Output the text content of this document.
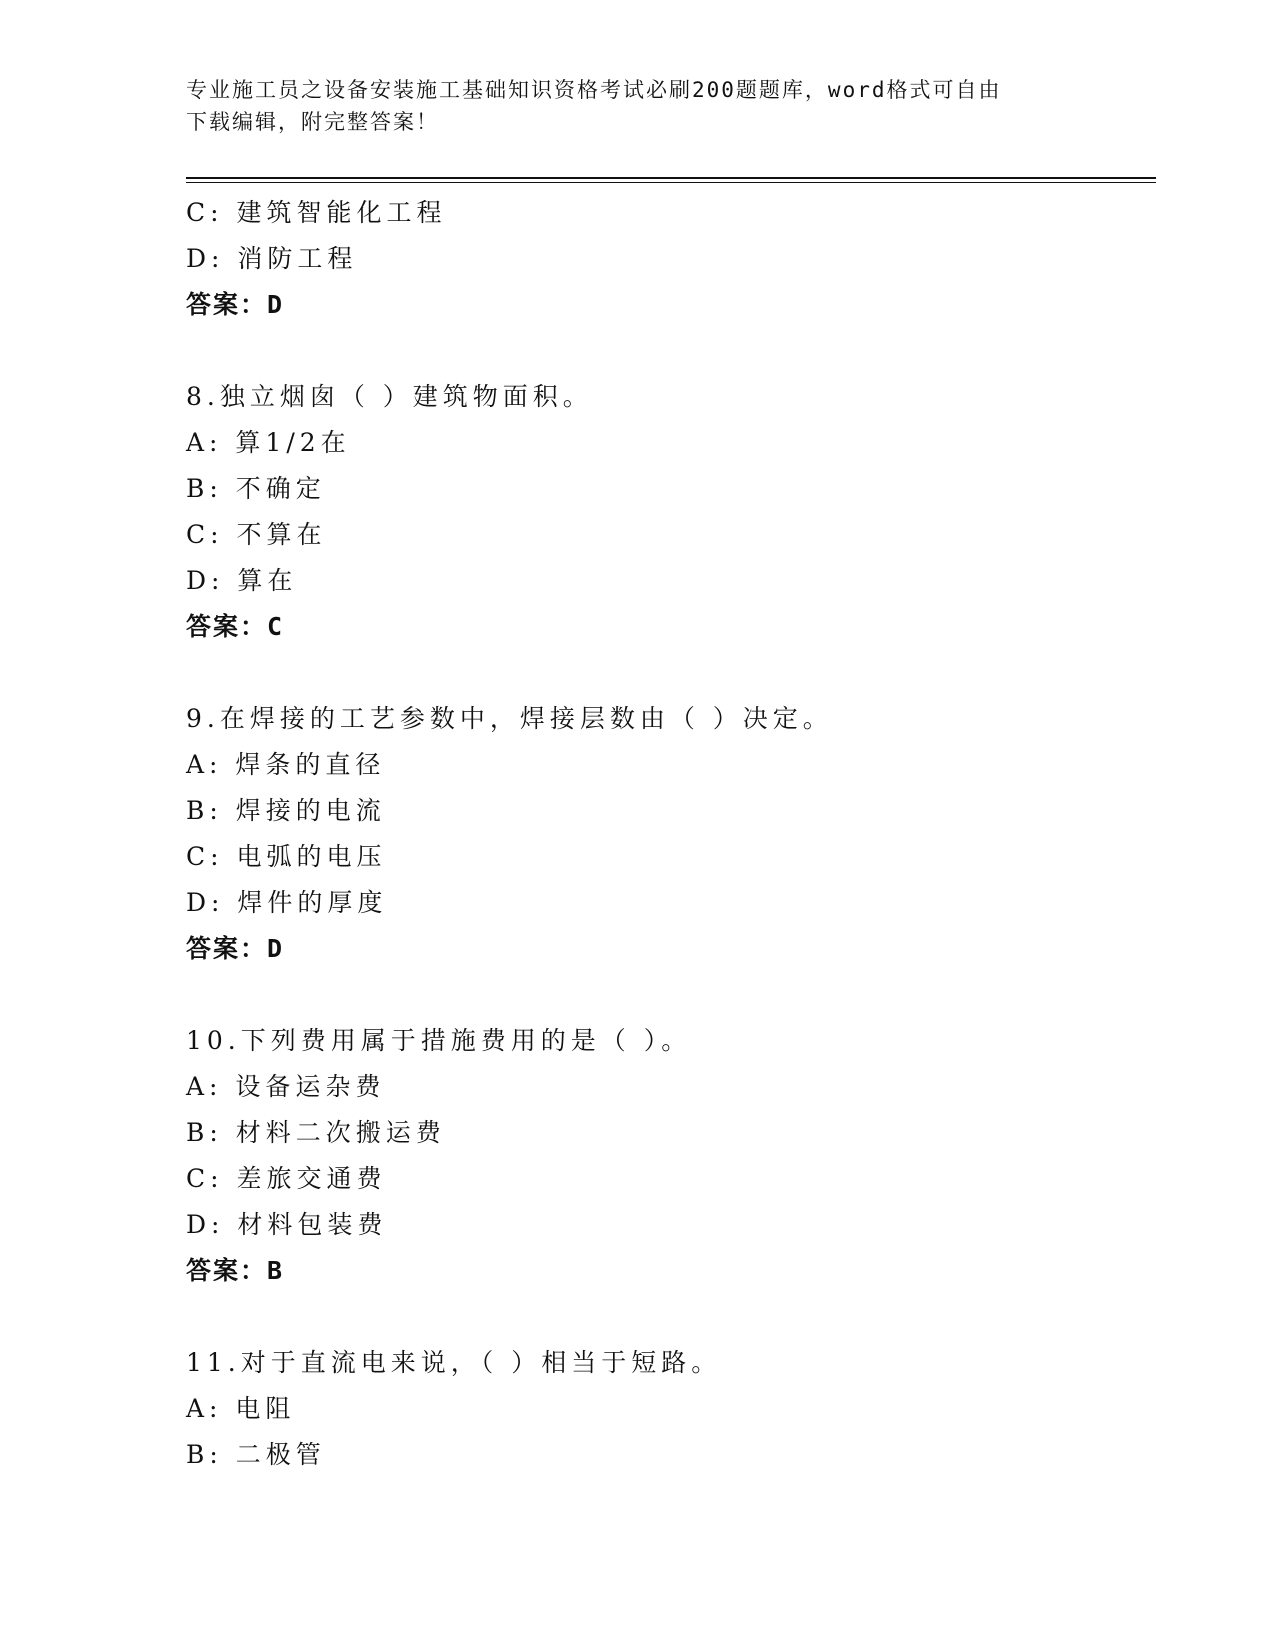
专业施工员之设备安装施工基础知识资格考试必刷200题题库，word格式可自由
下载编辑，附完整答案！
C: 建筑智能化工程
D: 消防工程
答案：D
8.独立烟囱（ ）建筑物面积。
A: 算1/2在
B: 不确定
C: 不算在
D: 算在
答案：C
9.在焊接的工艺参数中，焊接层数由（ ）决定。
A: 焊条的直径
B: 焊接的电流
C: 电弧的电压
D: 焊件的厚度
答案：D
10.下列费用属于措施费用的是（ ）。
A: 设备运杂费
B: 材料二次搬运费
C: 差旅交通费
D: 材料包装费
答案：B
11.对于直流电来说，（ ）相当于短路。
A: 电阻
B: 二极管
